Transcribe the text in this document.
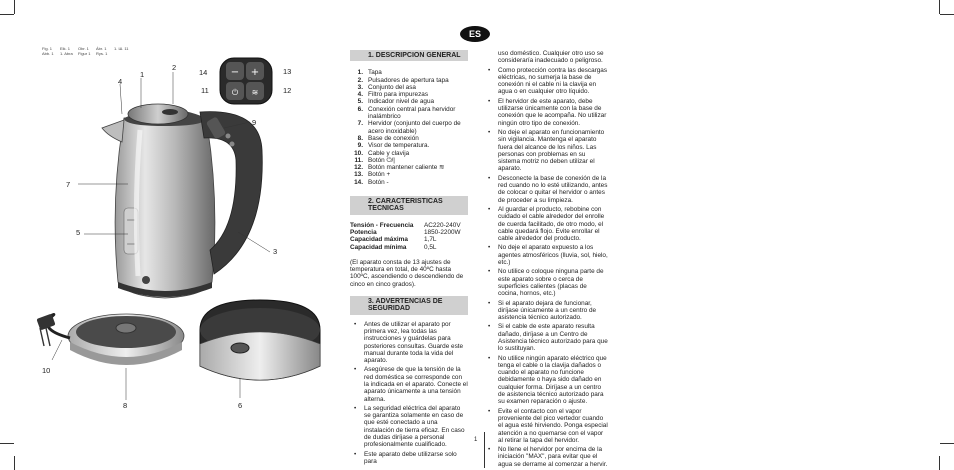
Fig. 1
Abb. 1
Eik. 1
1. Abra
Obr. 1
Figur 1
Ábr. 1
Rys. 1
1. Ш. 11
− +
⏻ ≋
1
2
3
4
5
6
7
8
9
10
11	12
13
14
ES
1. DESCRIPCION GENERAL
1. Tapa
2. Pulsadores de apertura tapa
3. Conjunto del asa
4. Filtro para impurezas
5. Indicador nivel de agua
6. Conexión central para hervidor inalámbrico
7. Hervidor (conjunto del cuerpo de acero inoxidable)
8. Base de conexión
9. Visor de temperatura.
10. Cable y clavija
11. Botón ⏻/|
12. Botón mantener caliente ≋
13. Botón +
14. Botón -
2. CARACTERISTICAS TECNICAS
Tensión - Frecuencia	AC220-240V
Potencia	1850-2200W
Capacidad máxima	1,7L
Capacidad mínima	0,5L
(El aparato consta de 13 ajustes de temperatura en total, de 40ºC hasta 100ºC, ascendiendo o descendiendo de cinco en cinco grados).
3. ADVERTENCIAS DE SEGURIDAD
• Antes de utilizar el aparato por primera vez, lea todas las instrucciones y guárdelas para posteriores consultas. Guarde este manual durante toda la vida del aparato.
• Asegúrese de que la tensión de la red doméstica se corresponde con la indicada en el aparato. Conecte el aparato únicamente a una tensión alterna.
• La seguridad eléctrica del aparato se garantiza solamente en caso de que esté conectado a una instalación de tierra eficaz. En caso de dudas diríjase a personal profesionalmente cualificado.
• Este aparato debe utilizarse solo para
uso doméstico. Cualquier otro uso se consideraría inadecuado o peligroso.
• Como protección contra las descargas eléctricas, no sumerja la base de conexión ni el cable ni la clavija en agua o en cualquier otro líquido.
• El hervidor de este aparato, debe utilizarse únicamente con la base de conexión que le acompaña. No utilizar ningún otro tipo de conexión.
• No deje el aparato en funcionamiento sin vigilancia. Mantenga el aparato fuera del alcance de los niños. Las personas con problemas en su sistema motriz no deben utilizar el aparato.
• Desconecte la base de conexión de la red cuando no lo esté utilizando, antes de colocar o quitar el hervidor o antes de proceder a su limpieza.
• Al guardar el producto, rebobine con cuidado el cable alrededor del enrolle de cuerda facilitado, de otro modo, el cable quedará flojo. Evite enrollar el cable alrededor del producto.
• No deje el aparato expuesto a los agentes atmosféricos (lluvia, sol, hielo, etc.)
• No utilice o coloque ninguna parte de este aparato sobre o cerca de superficies calientes (placas de cocina, hornos, etc.)
• Si el aparato dejara de funcionar, diríjase únicamente a un centro de asistencia técnico autorizado.
• Si el cable de este aparato resulta dañado, diríjase a un Centro de Asistencia técnico autorizado para que lo sustituyan.
• No utilice ningún aparato eléctrico que tenga el cable o la clavija dañados o cuando el aparato no funcione debidamente o haya sido dañado en cualquier forma. Diríjase a un centro de asistencia técnico autorizado para su examen reparación o ajuste.
• Evite el contacto con el vapor proveniente del pico vertedor cuando el agua esté hirviendo. Ponga especial atención a no quemarse con el vapor al retirar la tapa del hervidor.
• No llene el hervidor por encima de la iniciación "MAX", para evitar que el agua se derrame al comenzar a hervir.
1
